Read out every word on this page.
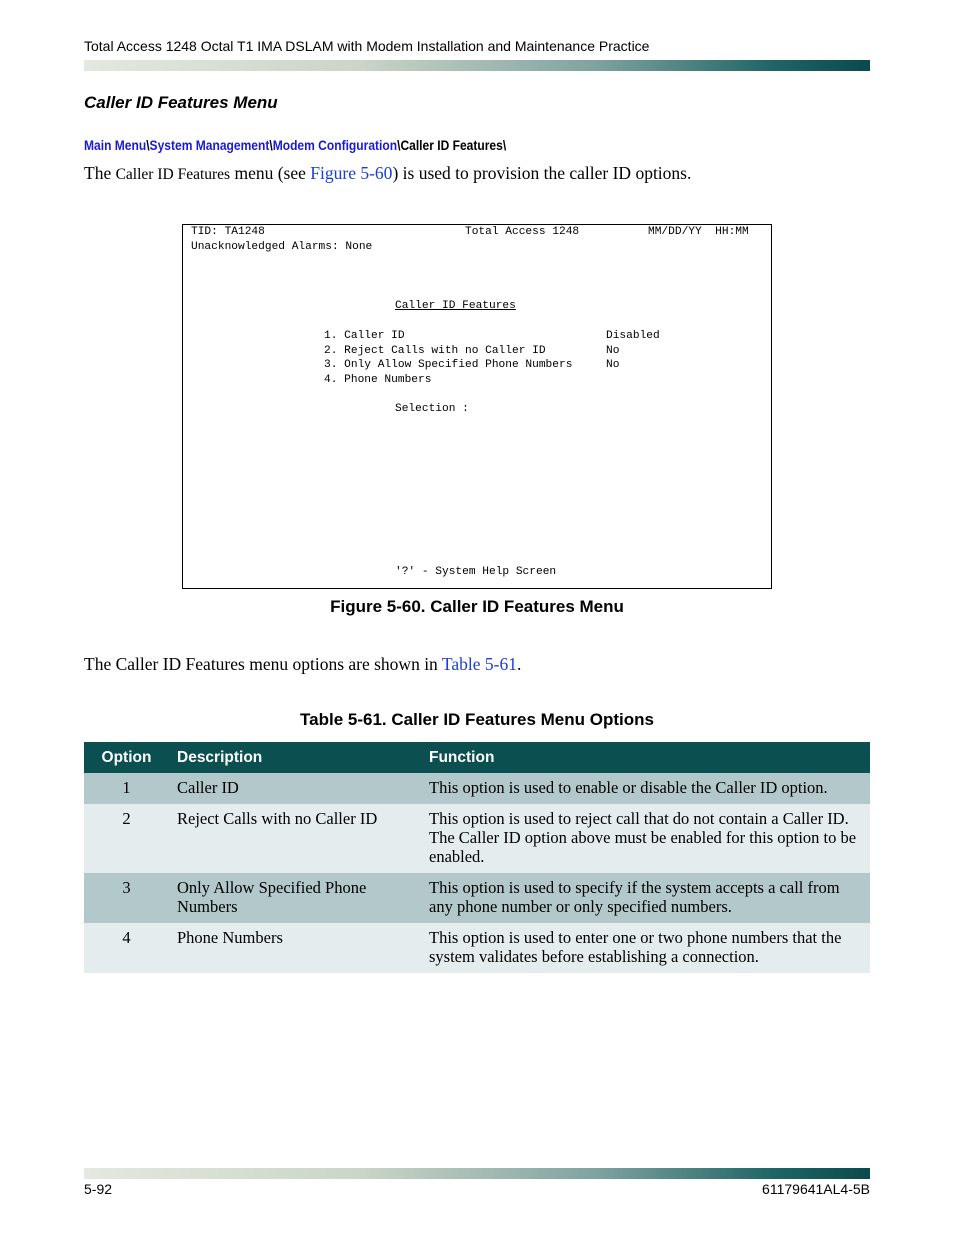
Total Access 1248 Octal T1 IMA DSLAM with Modem Installation and Maintenance Practice
Caller ID Features Menu
Main Menu\System Management\Modem Configuration\Caller ID Features\
The Caller ID Features menu (see Figure 5-60) is used to provision the caller ID options.
TID: TA1248	Total Access 1248	MM/DD/YY  HH:MM
Unacknowledged Alarms: None
Caller ID Features
1. Caller ID	Disabled
2. Reject Calls with no Caller ID	No
3. Only Allow Specified Phone Numbers	No
4. Phone Numbers
Selection :
'?' - System Help Screen
Figure 5-60. Caller ID Features Menu
The Caller ID Features menu options are shown in Table 5-61.
Table 5-61. Caller ID Features Menu Options
Option	Description	Function
1	Caller ID	This option is used to enable or disable the Caller ID option.
2	Reject Calls with no Caller ID	This option is used to reject call that do not contain a Caller ID. The Caller ID option above must be enabled for this option to be enabled.
3	Only Allow Specified Phone Numbers	This option is used to specify if the system accepts a call from any phone number or only specified numbers.
4	Phone Numbers	This option is used to enter one or two phone numbers that the system validates before establishing a connection.
5-92	61179641AL4-5B
